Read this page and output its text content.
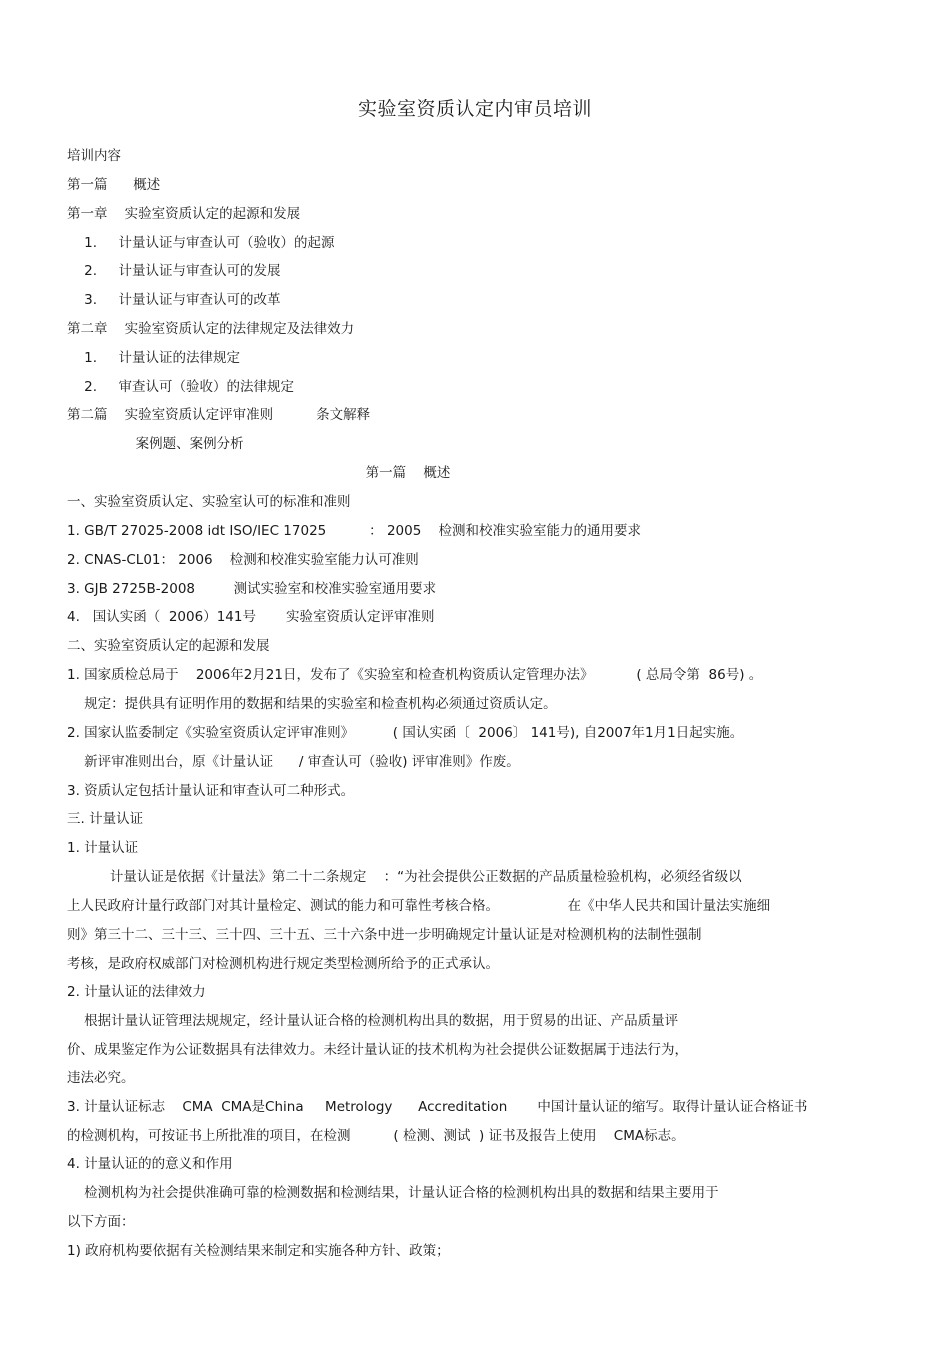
实验室资质认定内审员培训
培训内容
第一篇      概述
第一章    实验室资质认定的起源和发展
1.     计量认证与审查认可（验收）的起源
2.     计量认证与审查认可的发展
3.     计量认证与审查认可的改革
第二章    实验室资质认定的法律规定及法律效力
1.     计量认证的法律规定
2.     审查认可（验收）的法律规定
第二篇    实验室资质认定评审准则          条文解释
案例题、案例分析
第一篇    概述
一、实验室资质认定、实验室认可的标准和准则
1. GB/T 27025-2008 idt ISO/IEC 17025          ： 2005    检测和校准实验室能力的通用要求
2. CNAS-CL01： 2006    检测和校准实验室能力认可准则
3. GJB 2725B-2008         测试实验室和校准实验室通用要求
4.   国认实函（  2006）141号       实验室资质认定评审准则
二、实验室资质认定的起源和发展
1. 国家质检总局于    2006年2月21日，发布了《实验室和检查机构资质认定管理办法》          ( 总局令第  86号) 。
规定：提供具有证明作用的数据和结果的实验室和检查机构必须通过资质认定。
2. 国家认监委制定《实验室资质认定评审准则》         ( 国认实函〔  2006〕 141号), 自2007年1月1日起实施。
新评审准则出台，原《计量认证      / 审查认可（验收) 评审准则》作废。
3. 资质认定包括计量认证和审查认可二种形式。
三. 计量认证
1. 计量认证
计量认证是依据《计量法》第二十二条规定    ：“为社会提供公正数据的产品质量检验机构，必须经省级以
上人民政府计量行政部门对其计量检定、测试的能力和可靠性考核合格。                在《中华人民共和国计量法实施细
则》第三十二、三十三、三十四、三十五、三十六条中进一步明确规定计量认证是对检测机构的法制性强制
考核，是政府权威部门对检测机构进行规定类型检测所给予的正式承认。
2. 计量认证的法律效力
根据计量认证管理法规规定，经计量认证合格的检测机构出具的数据，用于贸易的出证、产品质量评
价、成果鉴定作为公证数据具有法律效力。未经计量认证的技术机构为社会提供公证数据属于违法行为，
违法必究。
3. 计量认证标志    CMA  CMA是China     Metrology      Accreditation       中国计量认证的缩写。取得计量认证合格证书
的检测机构，可按证书上所批准的项目，在检测          ( 检测、测试  ) 证书及报告上使用    CMA标志。
4. 计量认证的的意义和作用
检测机构为社会提供准确可靠的检测数据和检测结果，计量认证合格的检测机构出具的数据和结果主要用于
以下方面：
1) 政府机构要依据有关检测结果来制定和实施各种方针、政策；
